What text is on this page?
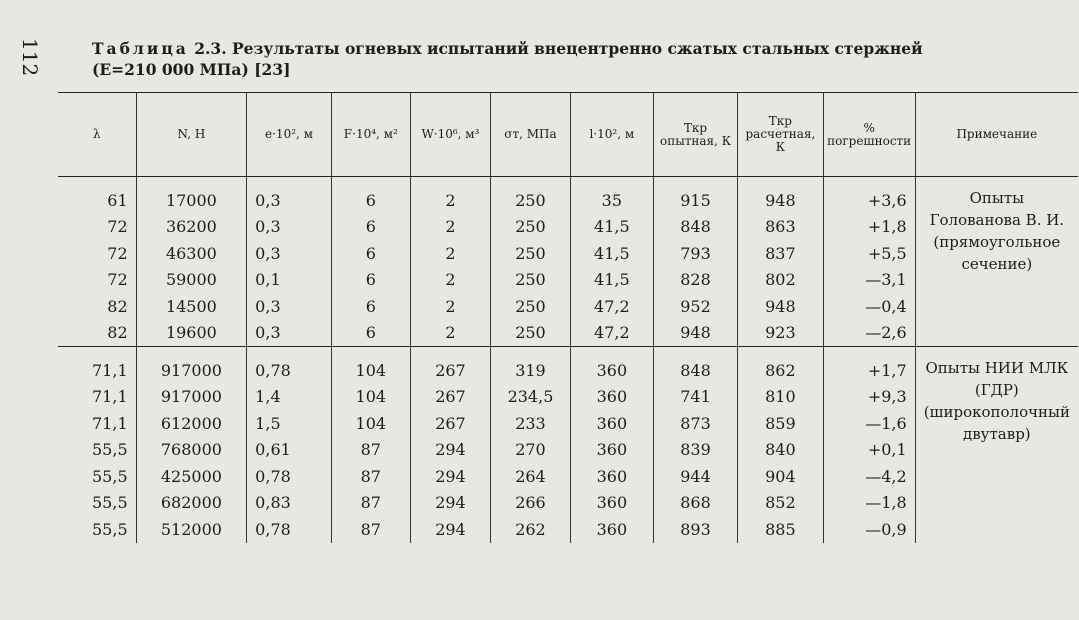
112	Таблица 2.3. Результаты огневых испытаний внецентренно сжатых стальных стержней (Е=210 000 МПа) [23]
λ	N, Н	e·10², м	F·10⁴, м²	W·10⁶, м³	σт, МПа	l·10², м	Tкр опытная, К	Tкр расчетная, К	% погрешности	Примечание
61	17000	0,3	6	2	250	35	915	948	+3,6	Опыты Голованова В. И. (прямоугольное сечение)
72	36200	0,3	6	2	250	41,5	848	863	+1,8	
72	46300	0,3	6	2	250	41,5	793	837	+5,5	
72	59000	0,1	6	2	250	41,5	828	802	—3,1	
82	14500	0,3	6	2	250	47,2	952	948	—0,4	
82	19600	0,3	6	2	250	47,2	948	923	—2,6	
71,1	917000	0,78	104	267	319	360	848	862	+1,7	Опыты НИИ МЛК (ГДР) (широкополочный двутавр)
71,1	917000	1,4	104	267	234,5	360	741	810	+9,3	
71,1	612000	1,5	104	267	233	360	873	859	—1,6	
55,5	768000	0,61	87	294	270	360	839	840	+0,1	
55,5	425000	0,78	87	294	264	360	944	904	—4,2	
55,5	682000	0,83	87	294	266	360	868	852	—1,8	
55,5	512000	0,78	87	294	262	360	893	885	—0,9	
